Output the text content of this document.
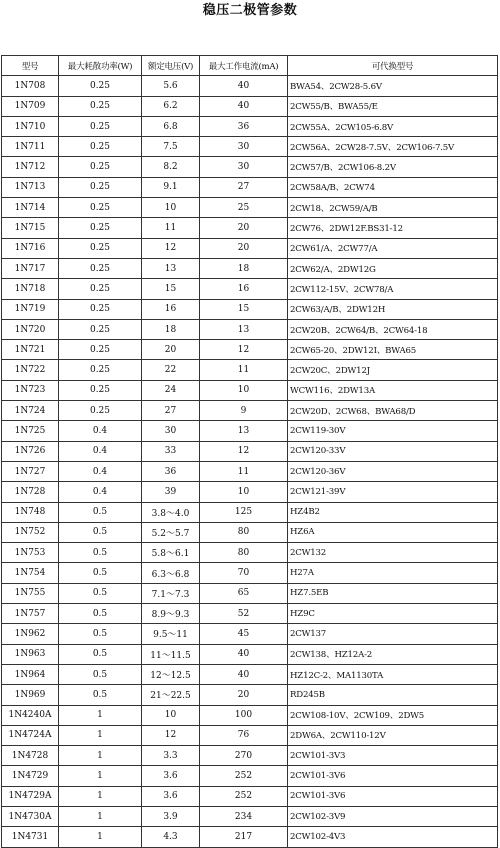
稳压二极管参数
型号	最大耗散功率(W)	额定电压(V)	最大工作电流(mA)	可代换型号
1N708	0.25	5.6	40	BWA54、2CW28-5.6V
1N709	0.25	6.2	40	2CW55/B、BWA55/E
1N710	0.25	6.8	36	2CW55A、2CW105-6.8V
1N711	0.25	7.5	30	2CW56A、2CW28-7.5V、2CW106-7.5V
1N712	0.25	8.2	30	2CW57/B、2CW106-8.2V
1N713	0.25	9.1	27	2CW58A/B、2CW74
1N714	0.25	10	25	2CW18、2CW59/A/B
1N715	0.25	11	20	2CW76、2DW12F.BS31-12
1N716	0.25	12	20	2CW61/A、2CW77/A
1N717	0.25	13	18	2CW62/A、2DW12G
1N718	0.25	15	16	2CW112-15V、2CW78/A
1N719	0.25	16	15	2CW63/A/B、2DW12H
1N720	0.25	18	13	2CW20B、2CW64/B、2CW64-18
1N721	0.25	20	12	2CW65-20、2DW12I、BWA65
1N722	0.25	22	11	2CW20C、2DW12J
1N723	0.25	24	10	WCW116、2DW13A
1N724	0.25	27	9	2CW20D、2CW68、BWA68/D
1N725	0.4	30	13	2CW119-30V
1N726	0.4	33	12	2CW120-33V
1N727	0.4	36	11	2CW120-36V
1N728	0.4	39	10	2CW121-39V
1N748	0.5	3.8～4.0	125	HZ4B2
1N752	0.5	5.2～5.7	80	HZ6A
1N753	0.5	5.8～6.1	80	2CW132
1N754	0.5	6.3～6.8	70	H27A
1N755	0.5	7.1～7.3	65	HZ7.5EB
1N757	0.5	8.9～9.3	52	HZ9C
1N962	0.5	9.5～11	45	2CW137
1N963	0.5	11～11.5	40	2CW138、HZ12A-2
1N964	0.5	12～12.5	40	HZ12C-2、MA1130TA
1N969	0.5	21～22.5	20	RD245B
1N4240A	1	10	100	2CW108-10V、2CW109、2DW5
1N4724A	1	12	76	2DW6A、2CW110-12V
1N4728	1	3.3	270	2CW101-3V3
1N4729	1	3.6	252	2CW101-3V6
1N4729A	1	3.6	252	2CW101-3V6
1N4730A	1	3.9	234	2CW102-3V9
1N4731	1	4.3	217	2CW102-4V3
